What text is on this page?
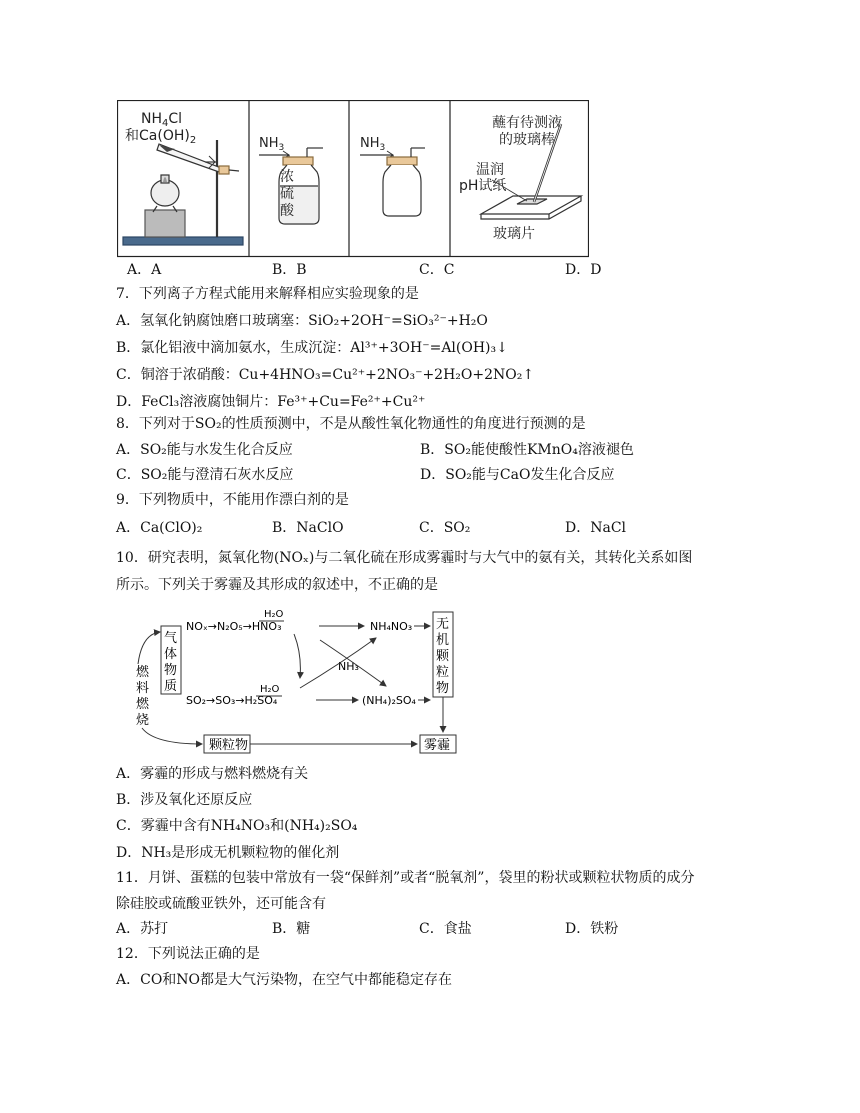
$NH_4Cl$
和$Ca(OH)_2$	$NH_3$
浓
硫
酸
$NH_3$
蘸有待测液
的玻璃棒
温润
pH试纸
玻璃片
A．A	B．B	C．C	D．D
7．下列离子方程式能用来解释相应实验现象的是
A．氢氧化钠腐蚀磨口玻璃塞：SiO₂+2OH⁻=SiO₃²⁻+H₂O
B．氯化铝液中滴加氨水，生成沉淀：Al³⁺+3OH⁻=Al(OH)₃↓
C．铜溶于浓硝酸：Cu+4HNO₃=Cu²⁺+2NO₃⁻+2H₂O+2NO₂↑
D．FeCl₃溶液腐蚀铜片：Fe³⁺+Cu=Fe²⁺+Cu²⁺
8．下列对于SO₂的性质预测中，不是从酸性氧化物通性的角度进行预测的是
A．SO₂能与水发生化合反应	B．SO₂能使酸性KMnO₄溶液褪色
C．SO₂能与澄清石灰水反应	D．SO₂能与CaO发生化合反应
9．下列物质中，不能用作漂白剂的是
A．Ca(ClO)₂	B．NaClO	C．SO₂	D．NaCl
10．研究表明，氮氧化物(NOₓ)与二氧化硫在形成雾霾时与大气中的氨有关，其转化关系如图
所示。下列关于雾霾及其形成的叙述中，不正确的是
气
体
物
质
无
机
颗
粒
物
燃
料
燃
烧
颗粒物	雾霾
NOₓ→N₂O₅→HNO₃
H₂O
NH₄NO₃
NH₃
SO₂→SO₃→H₂SO₄
H₂O
(NH₄)₂SO₄
A．雾霾的形成与燃料燃烧有关
B．涉及氧化还原反应
C．雾霾中含有NH₄NO₃和(NH₄)₂SO₄
D．NH₃是形成无机颗粒物的催化剂
11．月饼、蛋糕的包装中常放有一袋“保鲜剂”或者“脱氧剂”，袋里的粉状或颗粒状物质的成分
除硅胶或硫酸亚铁外，还可能含有
A．苏打	B．糖	C．食盐	D．铁粉
12．下列说法正确的是
A．CO和NO都是大气污染物，在空气中都能稳定存在
